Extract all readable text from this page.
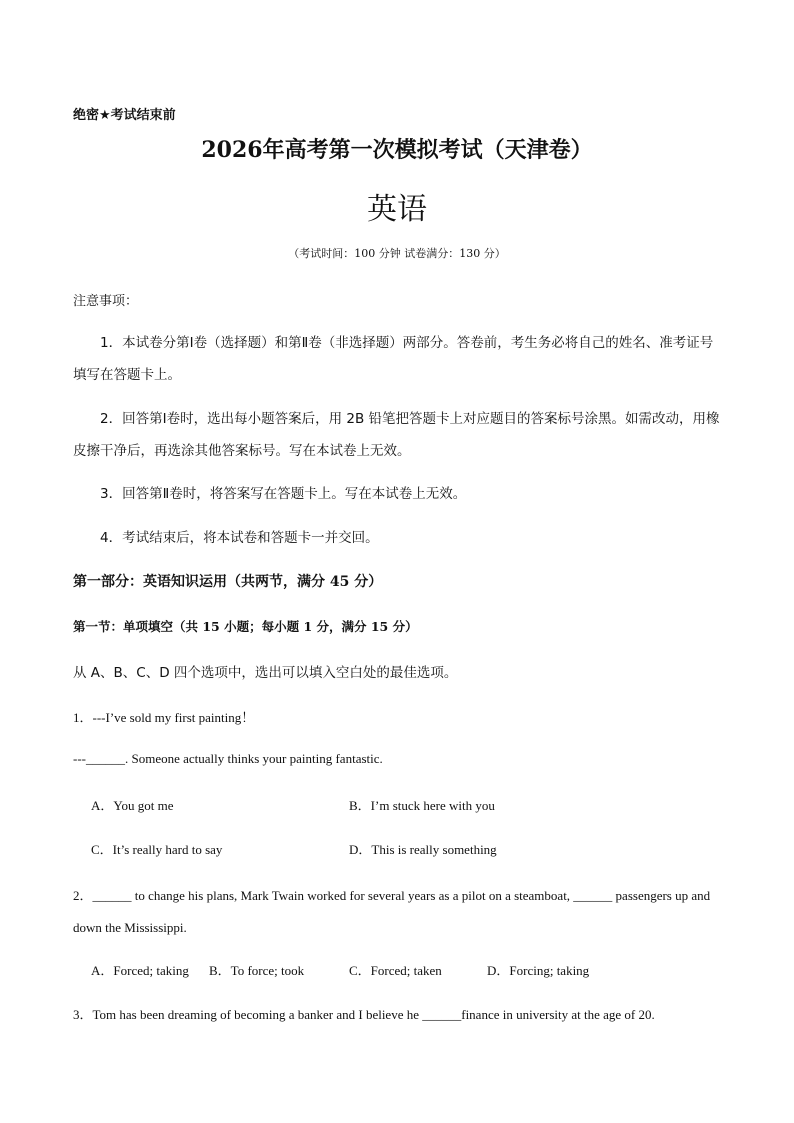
绝密★考试结束前
2026年高考第一次模拟考试（天津卷）
英语
（考试时间：100 分钟 试卷满分：130 分）
注意事项：
1．本试卷分第Ⅰ卷（选择题）和第Ⅱ卷（非选择题）两部分。答卷前，考生务必将自己的姓名、准考证号填写在答题卡上。
2．回答第Ⅰ卷时，选出每小题答案后，用 2B 铅笔把答题卡上对应题目的答案标号涂黑。如需改动，用橡皮擦干净后，再选涂其他答案标号。写在本试卷上无效。
3．回答第Ⅱ卷时，将答案写在答题卡上。写在本试卷上无效。
4．考试结束后，将本试卷和答题卡一并交回。
第一部分：英语知识运用（共两节，满分 45 分）
第一节：单项填空（共 15 小题；每小题 1 分，满分 15 分）
从 A、B、C、D 四个选项中，选出可以填入空白处的最佳选项。
1．---I’ve sold my first painting！
---______. Someone actually thinks your painting fantastic.
A．You got me	B．I’m stuck here with you
C．It’s really hard to say	D．This is really something
2．______ to change his plans, Mark Twain worked for several years as a pilot on a steamboat, ______ passengers up and down the Mississippi.
A．Forced; taking B．To force; took	C．Forced; taken	D．Forcing; taking
3．Tom has been dreaming of becoming a banker and I believe he ______finance in university at the age of 20.
